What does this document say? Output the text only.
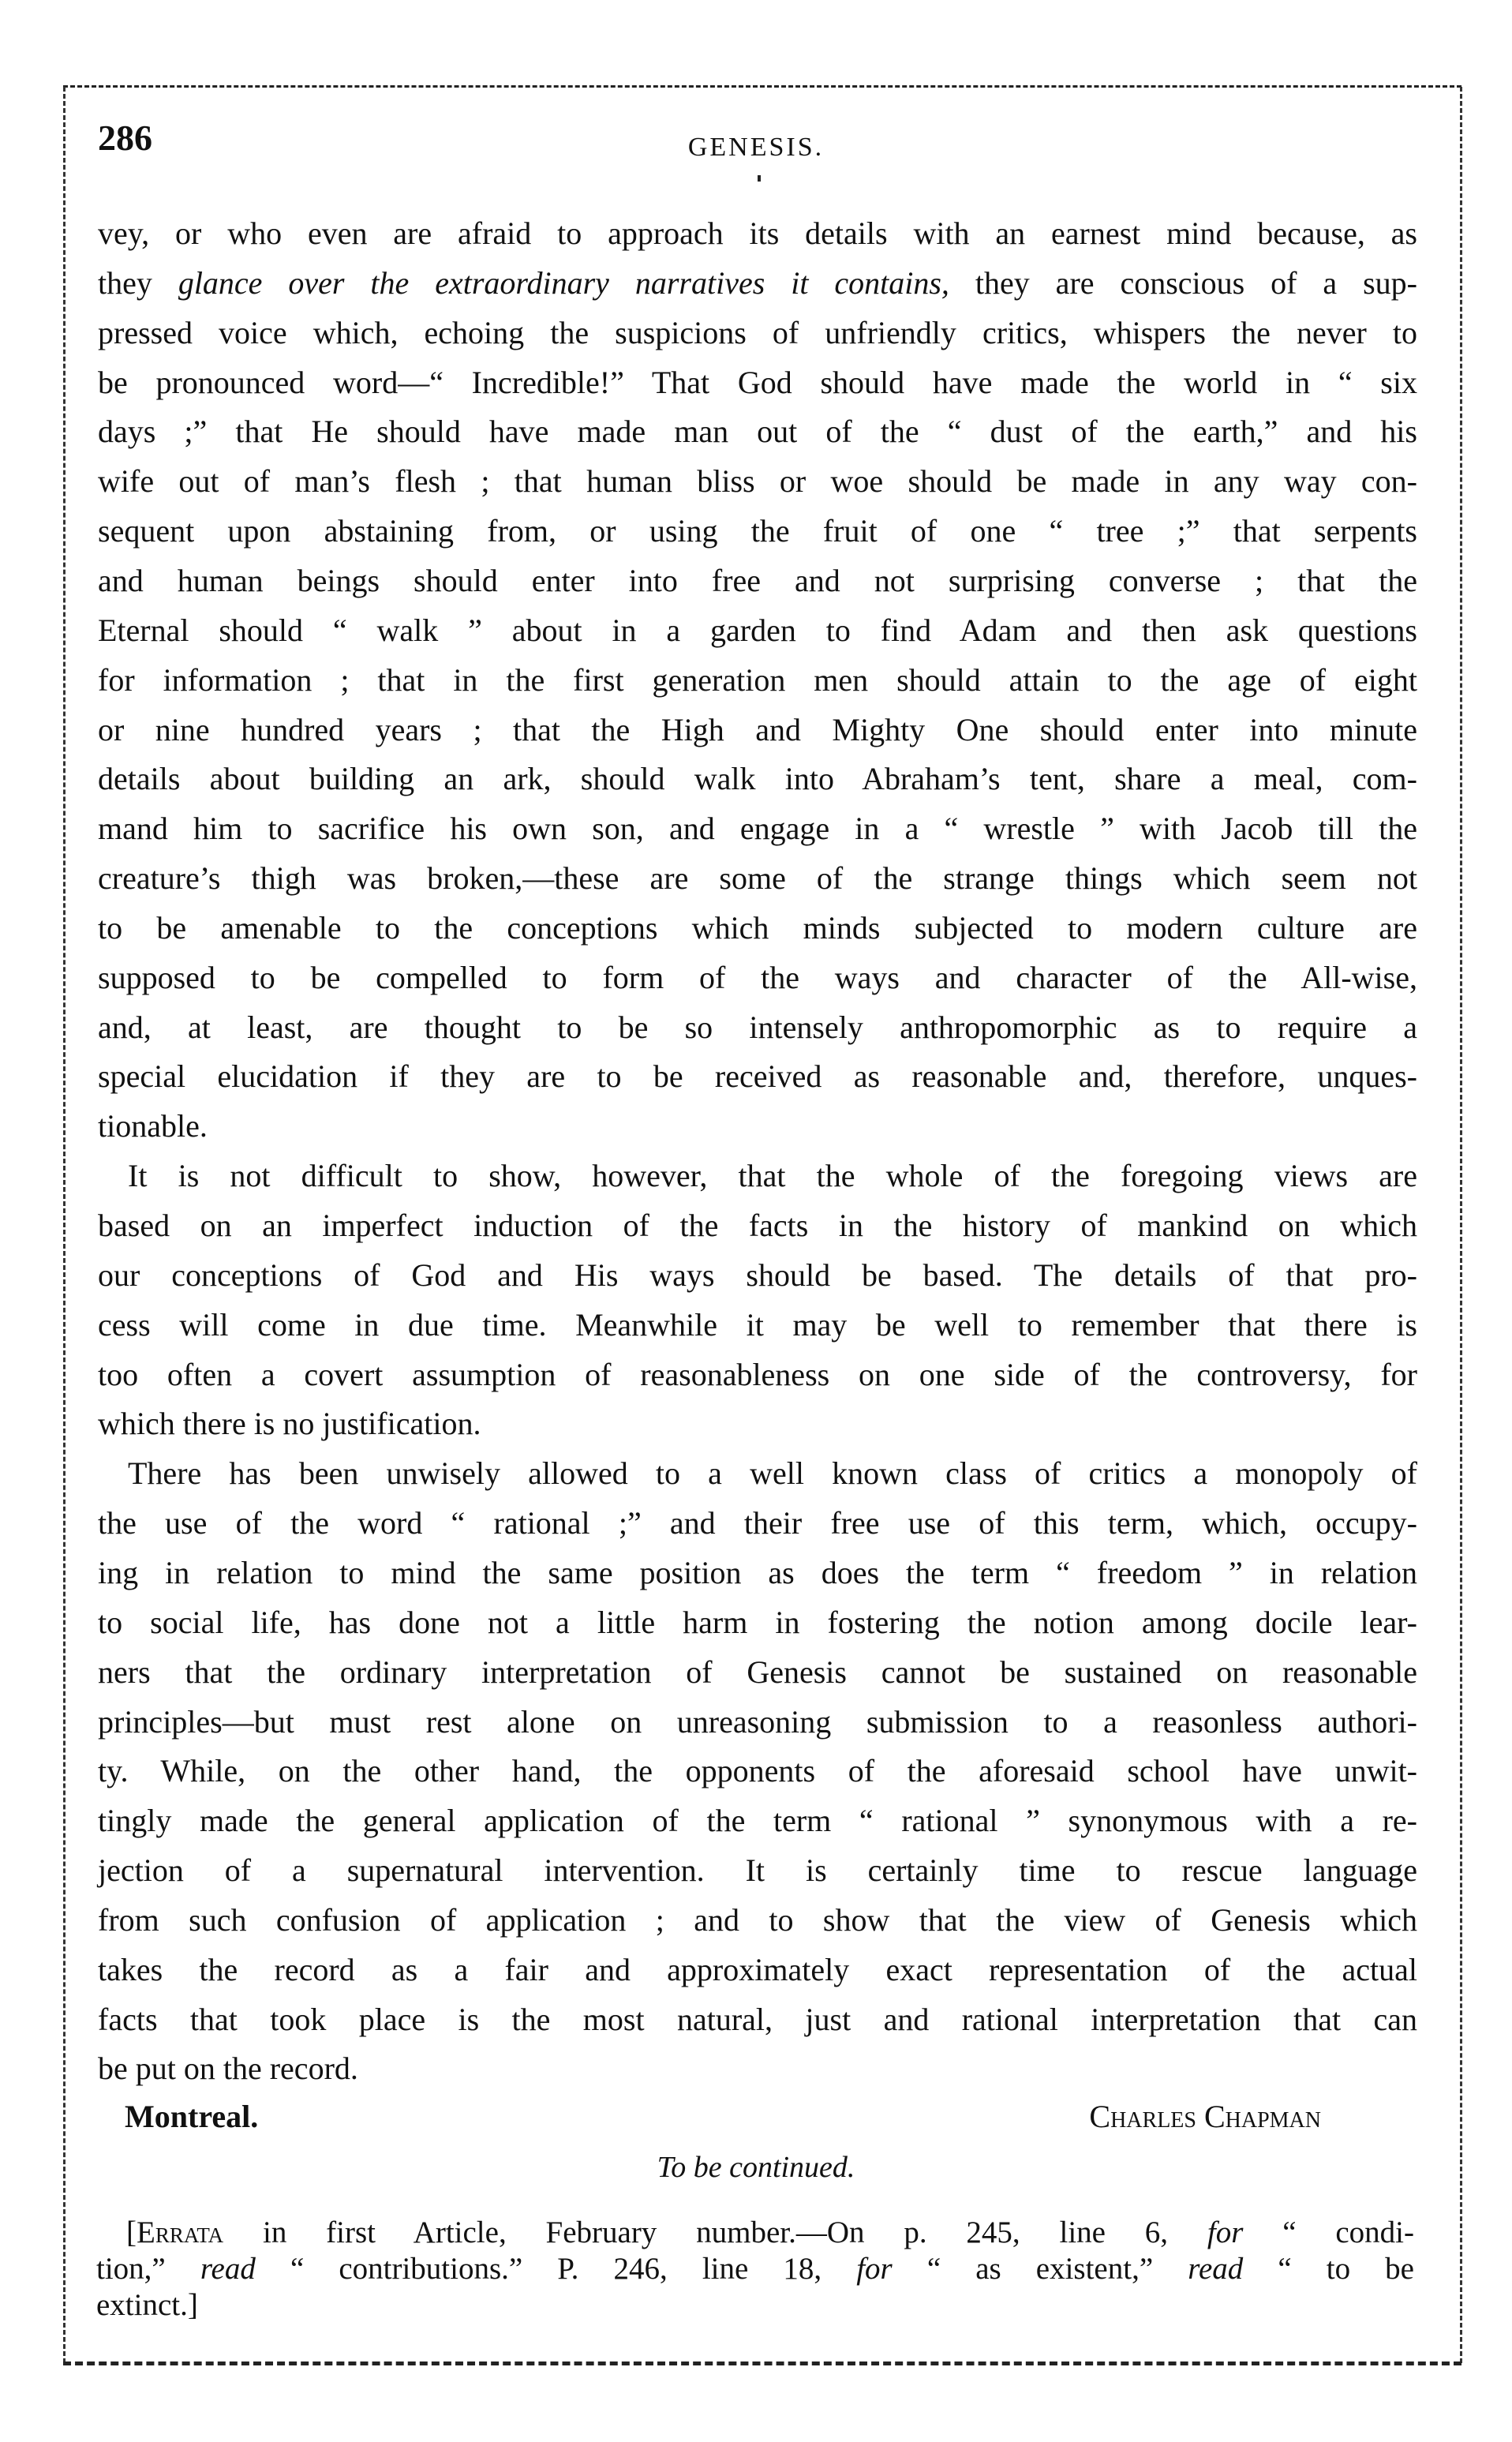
286	GENESIS.
vey, or who even are afraid to approach its details with an earnest mind because, as
they glance over the extraordinary narratives it contains, they are conscious of a sup-
pressed voice which, echoing the suspicions of unfriendly critics, whispers the never to
be pronounced word—“ Incredible!” That God should have made the world in “ six
days ;” that He should have made man out of the “ dust of the earth,” and his
wife out of man’s flesh ; that human bliss or woe should be made in any way con-
sequent upon abstaining from, or using the fruit of one “ tree ;” that serpents
and human beings should enter into free and not surprising converse ; that the
Eternal should “ walk ” about in a garden to find Adam and then ask questions
for information ; that in the first generation men should attain to the age of eight
or nine hundred years ; that the High and Mighty One should enter into minute
details about building an ark, should walk into Abraham’s tent, share a meal, com-
mand him to sacrifice his own son, and engage in a “ wrestle ” with Jacob till the
creature’s thigh was broken,—these are some of the strange things which seem not
to be amenable to the conceptions which minds subjected to modern culture are
supposed to be compelled to form of the ways and character of the All-wise,
and, at least, are thought to be so intensely anthropomorphic as to require a
special elucidation if they are to be received as reasonable and, therefore, unques-
tionable.
It is not difficult to show, however, that the whole of the foregoing views are
based on an imperfect induction of the facts in the history of mankind on which
our conceptions of God and His ways should be based. The details of that pro-
cess will come in due time. Meanwhile it may be well to remember that there is
too often a covert assumption of reasonableness on one side of the controversy, for
which there is no justification.
There has been unwisely allowed to a well known class of critics a monopoly of
the use of the word “ rational ;” and their free use of this term, which, occupy-
ing in relation to mind the same position as does the term “ freedom ” in relation
to social life, has done not a little harm in fostering the notion among docile lear-
ners that the ordinary interpretation of Genesis cannot be sustained on reasonable
principles—but must rest alone on unreasoning submission to a reasonless authori-
ty. While, on the other hand, the opponents of the aforesaid school have unwit-
tingly made the general application of the term “ rational ” synonymous with a re-
jection of a supernatural intervention. It is certainly time to rescue language
from such confusion of application ; and to show that the view of Genesis which
takes the record as a fair and approximately exact representation of the actual
facts that took place is the most natural, just and rational interpretation that can
be put on the record.
Montreal.	Charles Chapman
To be continued.
[Errata in first Article, February number.—On p. 245, line 6, for “ condi-
tion,” read “ contributions.” P. 246, line 18, for “ as existent,” read “ to be
extinct.]
